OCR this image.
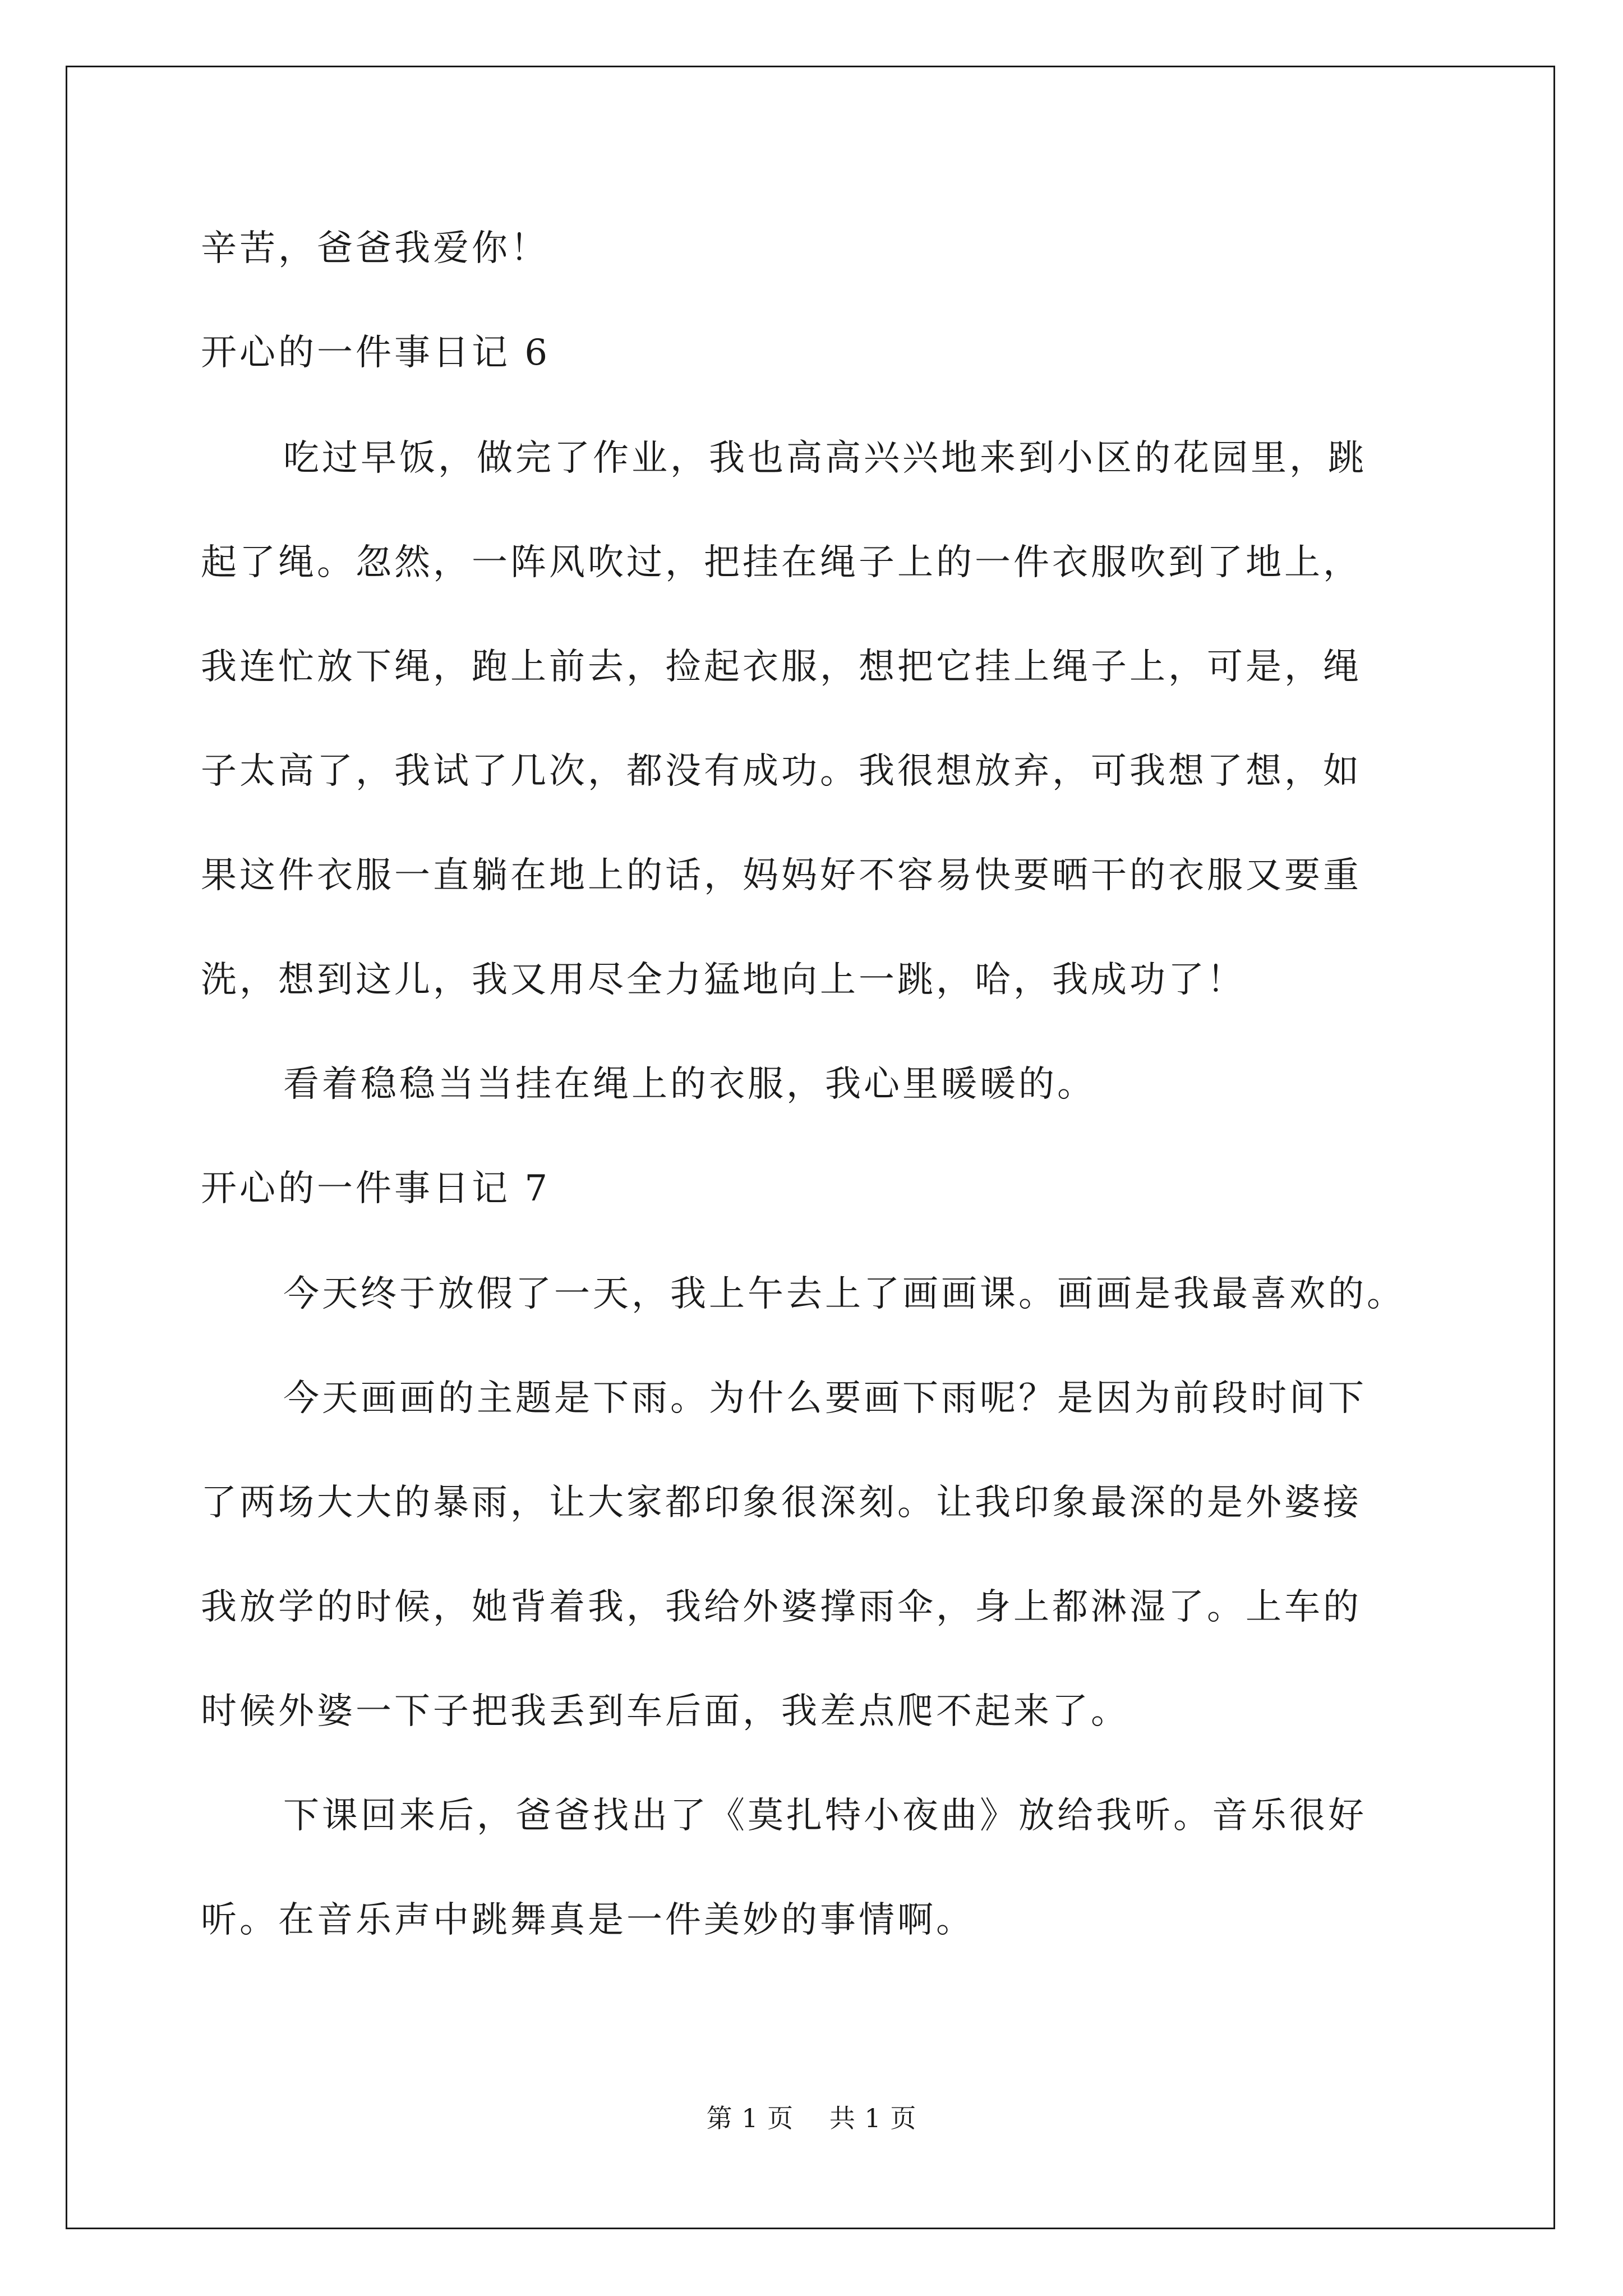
辛苦，爸爸我爱你！
开心的一件事日记 6
吃过早饭，做完了作业，我也高高兴兴地来到小区的花园里，跳
起了绳。忽然，一阵风吹过，把挂在绳子上的一件衣服吹到了地上，
我连忙放下绳，跑上前去，捡起衣服，想把它挂上绳子上，可是，绳
子太高了，我试了几次，都没有成功。我很想放弃，可我想了想，如
果这件衣服一直躺在地上的话，妈妈好不容易快要晒干的衣服又要重
洗，想到这儿，我又用尽全力猛地向上一跳，哈，我成功了！
看着稳稳当当挂在绳上的衣服，我心里暖暖的。
开心的一件事日记 7
今天终于放假了一天，我上午去上了画画课。画画是我最喜欢的。
今天画画的主题是下雨。为什么要画下雨呢？是因为前段时间下
了两场大大的暴雨，让大家都印象很深刻。让我印象最深的是外婆接
我放学的时候，她背着我，我给外婆撑雨伞，身上都淋湿了。上车的
时候外婆一下子把我丢到车后面，我差点爬不起来了。
下课回来后，爸爸找出了《莫扎特小夜曲》放给我听。音乐很好
听。在音乐声中跳舞真是一件美妙的事情啊。
第 1 页 共 1 页
